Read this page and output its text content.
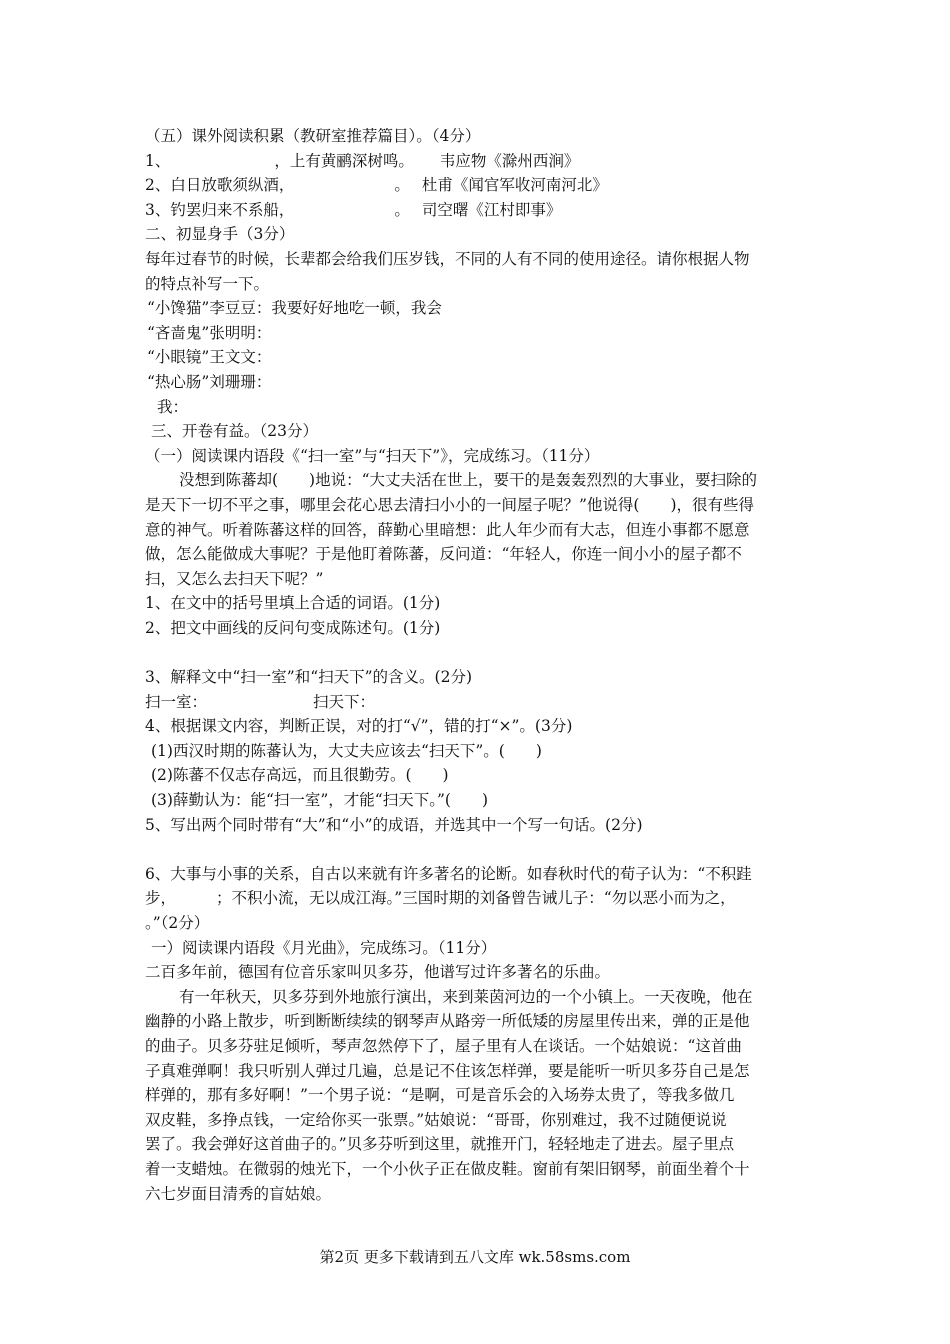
（五）课外阅读积累（教研室推荐篇目）。（4分）
1、	，上有黄鹂深树鸣。 韦应物《滁州西涧》
2、白日放歌须纵酒，	。 杜甫《闻官军收河南河北》
3、钓罢归来不系船，	。 司空曙《江村即事》
二、初显身手（3分）
每年过春节的时候，长辈都会给我们压岁钱，不同的人有不同的使用途径。请你根据人物
的特点补写一下。
“小馋猫”李豆豆：我要好好地吃一顿，我会
“吝啬鬼”张明明：
“小眼镜”王文文：
“热心肠”刘珊珊：
我：
三、开卷有益。（23分）
（一）阅读课内语段《“扫一室”与“扫天下”》，完成练习。（11分）
没想到陈蕃却(　　)地说：“大丈夫活在世上，要干的是轰轰烈烈的大事业，要扫除的
是天下一切不平之事，哪里会花心思去清扫小小的一间屋子呢？”他说得(　　)，很有些得
意的神气。听着陈蕃这样的回答，薛勤心里暗想：此人年少而有大志，但连小事都不愿意
做，怎么能做成大事呢？于是他盯着陈蕃，反问道：“年轻人，你连一间小小的屋子都不
扫，又怎么去扫天下呢？”
1、在文中的括号里填上合适的词语。(1分)
2、把文中画线的反问句变成陈述句。(1分)
3、解释文中“扫一室”和“扫天下”的含义。(2分)
扫一室：	扫天下：
4、根据课文内容，判断正误，对的打“√”，错的打“×”。(3分)
(1)西汉时期的陈蕃认为，大丈夫应该去“扫天下”。(　　)
(2)陈蕃不仅志存高远，而且很勤劳。(　　)
(3)薛勤认为：能“扫一室”，才能“扫天下。”(　　)
5、写出两个同时带有“大”和“小”的成语，并选其中一个写一句话。(2分)
6、大事与小事的关系，自古以来就有许多著名的论断。如春秋时代的荀子认为：“不积跬
步，	；不积小流，无以成江海。”三国时期的刘备曾告诫儿子：“勿以恶小而为之，
。”（2分）
一）阅读课内语段《月光曲》，完成练习。（11分）
二百多年前，德国有位音乐家叫贝多芬，他谱写过许多著名的乐曲。
有一年秋天，贝多芬到外地旅行演出，来到莱茵河边的一个小镇上。一天夜晚，他在
幽静的小路上散步，听到断断续续的钢琴声从路旁一所低矮的房屋里传出来，弹的正是他
的曲子。贝多芬驻足倾听，琴声忽然停下了，屋子里有人在谈话。一个姑娘说：“这首曲
子真难弹啊！我只听别人弹过几遍，总是记不住该怎样弹，要是能听一听贝多芬自己是怎
样弹的，那有多好啊！”一个男子说：“是啊，可是音乐会的入场券太贵了，等我多做几
双皮鞋，多挣点钱，一定给你买一张票。”姑娘说：“哥哥，你别难过，我不过随便说说
罢了。我会弹好这首曲子的。”贝多芬听到这里，就推开门，轻轻地走了进去。屋子里点
着一支蜡烛。在微弱的烛光下，一个小伙子正在做皮鞋。窗前有架旧钢琴，前面坐着个十
六七岁面目清秀的盲姑娘。
第2页 更多下载请到五八文库 wk.58sms.com
